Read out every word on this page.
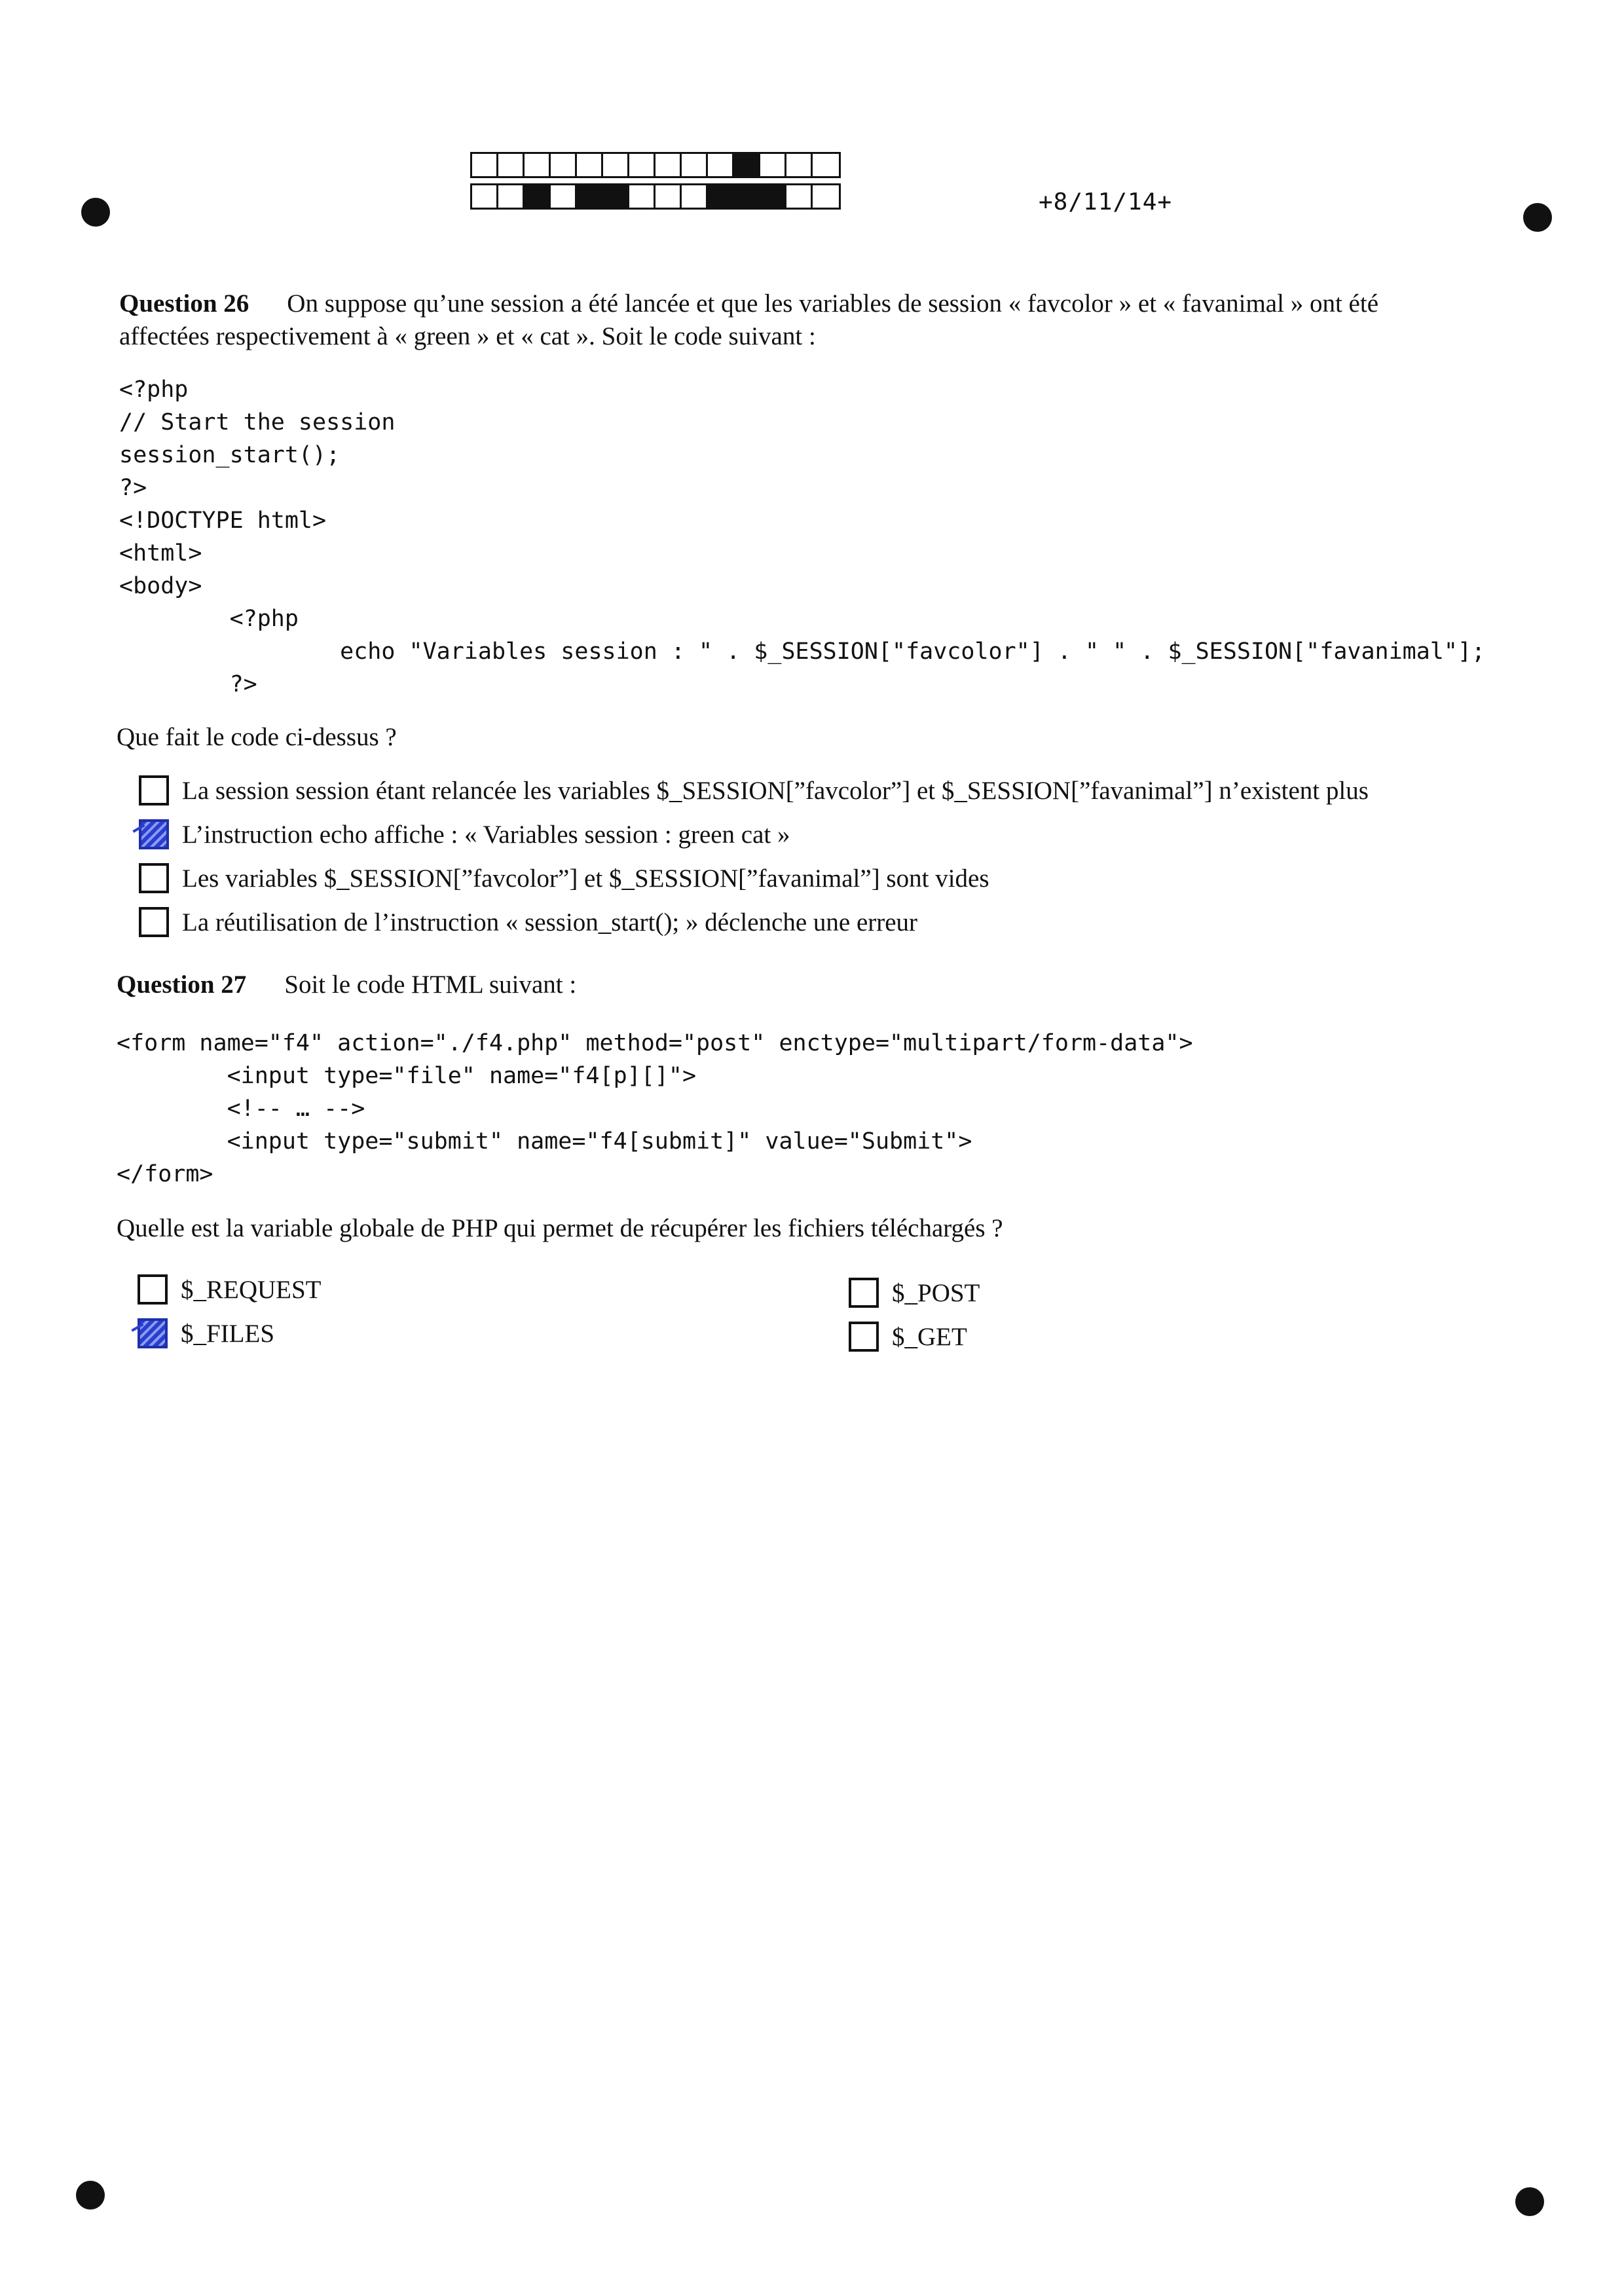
+8/11/14+
Question 26 On suppose qu’une session a été lancée et que les variables de session « favcolor » et « favanimal » ont été
affectées respectivement à « green » et « cat ». Soit le code suivant :
<?php
// Start the session
session_start();
?>
<!DOCTYPE html>
<html>
<body>
<?php
echo "Variables session : " . $_SESSION["favcolor"] . " " . $_SESSION["favanimal"];
?>
Que fait le code ci-dessus ?
La session session étant relancée les variables $_SESSION[”favcolor”] et $_SESSION[”favanimal”] n’existent plus
L’instruction echo affiche : « Variables session : green cat »
Les variables $_SESSION[”favcolor”] et $_SESSION[”favanimal”] sont vides
La réutilisation de l’instruction « session_start(); » déclenche une erreur
Question 27 Soit le code HTML suivant :
<form name="f4" action="./f4.php" method="post" enctype="multipart/form-data">
<input type="file" name="f4[p][]">
<!-- … -->
<input type="submit" name="f4[submit]" value="Submit">
</form>
Quelle est la variable globale de PHP qui permet de récupérer les fichiers téléchargés ?
$_REQUEST
$_FILES
$_POST
$_GET
